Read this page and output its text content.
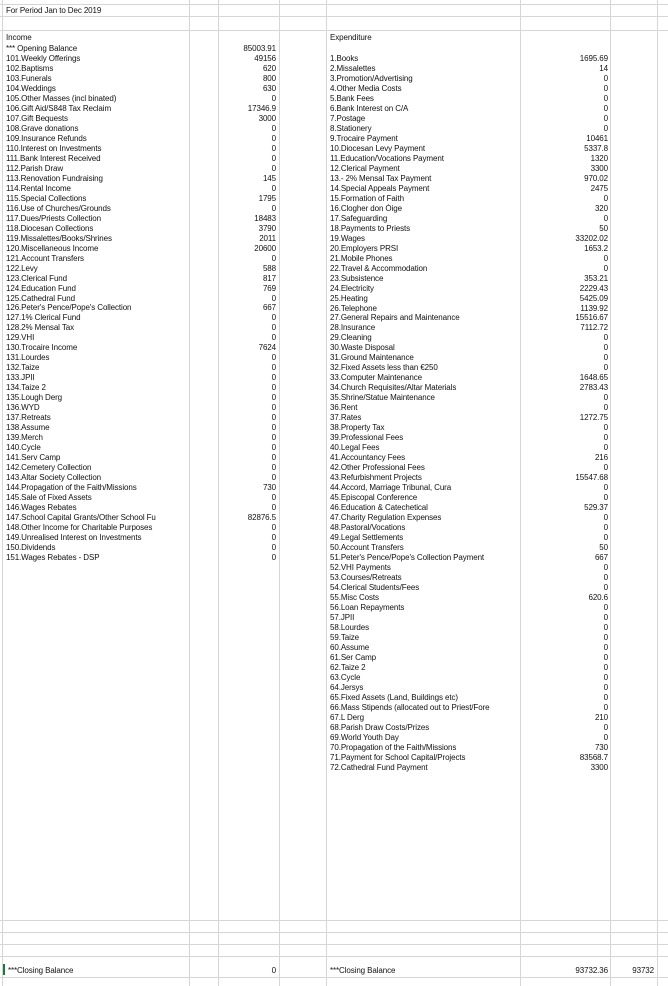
For Period Jan to Dec 2019
Income	Expenditure
*** Opening Balance	85003.91
101.Weekly Offerings	49156
102.Baptisms	620
103.Funerals	800
104.Weddings	630
105.Other Masses (incl binated)	0
106.Gift Aid/S848 Tax Reclaim	17346.9
107.Gift Bequests	3000
108.Grave donations	0
109.Insurance Refunds	0
110.Interest on Investments	0
111.Bank Interest Received	0
112.Parish Draw	0
113.Renovation Fundraising	145
114.Rental Income	0
115.Special Collections	1795
116.Use of Churches/Grounds	0
117.Dues/Priests Collection	18483
118.Diocesan Collections	3790
119.Missalettes/Books/Shrines	2011
120.Miscellaneous Income	20600
121.Account Transfers	0
122.Levy	588
123.Clerical Fund	817
124.Education Fund	769
125.Cathedral Fund	0
126.Peter's Pence/Pope's Collection	667
127.1% Clerical Fund	0
128.2% Mensal Tax	0
129.VHI	0
130.Trocaire Income	7624
131.Lourdes	0
132.Taize	0
133.JPII	0
134.Taize 2	0
135.Lough Derg	0
136.WYD	0
137.Retreats	0
138.Assume	0
139.Merch	0
140.Cycle	0
141.Serv Camp	0
142.Cemetery Collection	0
143.Altar Society Collection	0
144.Propagation of the Faith/Missions	730
145.Sale of Fixed Assets	0
146.Wages Rebates	0
147.School Capital Grants/Other School Fu	82876.5
148.Other Income for Charitable Purposes	0
149.Unrealised Interest on Investments	0
150.Dividends	0
151.Wages Rebates - DSP	0
1.Books	1695.69
2.Missalettes	14
3.Promotion/Advertising	0
4.Other Media Costs	0
5.Bank Fees	0
6.Bank Interest on C/A	0
7.Postage	0
8.Stationery	0
9.Trocaire Payment	10461
10.Diocesan Levy Payment	5337.8
11.Education/Vocations Payment	1320
12.Clerical Payment	3300
13.- 2% Mensal Tax Payment	970.02
14.Special Appeals Payment	2475
15.Formation of Faith	0
16.Clogher don Óige	320
17.Safeguarding	0
18.Payments to Priests	50
19.Wages	33202.02
20.Employers PRSI	1653.2
21.Mobile Phones	0
22.Travel & Accommodation	0
23.Subsistence	353.21
24.Electricity	2229.43
25.Heating	5425.09
26.Telephone	1139.92
27.General Repairs and Maintenance	15516.67
28.Insurance	7112.72
29.Cleaning	0
30.Waste Disposal	0
31.Ground Maintenance	0
32.Fixed Assets less than €250	0
33.Computer Maintenance	1648.65
34.Church Requisites/Altar Materials	2783.43
35.Shrine/Statue Maintenance	0
36.Rent	0
37.Rates	1272.75
38.Property Tax	0
39.Professional Fees	0
40.Legal Fees	0
41.Accountancy Fees	216
42.Other Professional Fees	0
43.Refurbishment Projects	15547.68
44.Accord, Marriage Tribunal, Cura	0
45.Episcopal Conference	0
46.Education & Catechetical	529.37
47.Charity Regulation Expenses	0
48.Pastoral/Vocations	0
49.Legal Settlements	0
50.Account Transfers	50
51.Peter's Pence/Pope's Collection Payment	667
52.VHI Payments	0
53.Courses/Retreats	0
54.Clerical Students/Fees	0
55.Misc Costs	620.6
56.Loan Repayments	0
57.JPII	0
58.Lourdes	0
59.Taize	0
60.Assume	0
61.Ser Camp	0
62.Taize 2	0
63.Cycle	0
64.Jersys	0
65.Fixed Assets (Land, Buildings etc)	0
66.Mass Stipends (allocated out to Priest/Fore	0
67.L Derg	210
68.Parish Draw Costs/Prizes	0
69.World Youth Day	0
70.Propagation of the Faith/Missions	730
71.Payment for School Capital/Projects	83568.7
72.Cathedral Fund Payment	3300
***Closing Balance	0	***Closing Balance	93732.36	93732
